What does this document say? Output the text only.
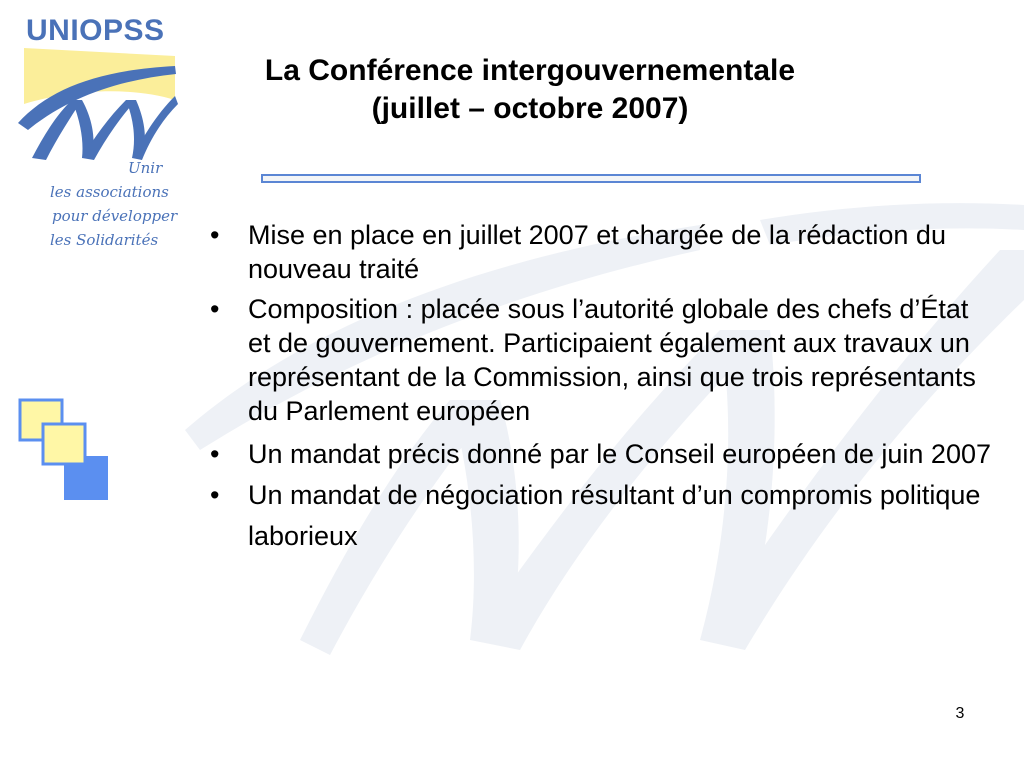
UNIOPSS
Unir
les associations
pour développer
les Solidarités
La Conférence intergouvernementale
(juillet – octobre 2007)
• Mise en place en juillet 2007 et chargée de la rédaction du nouveau traité
• Composition : placée sous l’autorité globale des chefs d’État et de gouvernement. Participaient également aux travaux un représentant de la Commission, ainsi que trois représentants du Parlement européen
• Un mandat précis donné par le Conseil européen de juin 2007
• Un mandat de négociation résultant d’un compromis politique laborieux
3
